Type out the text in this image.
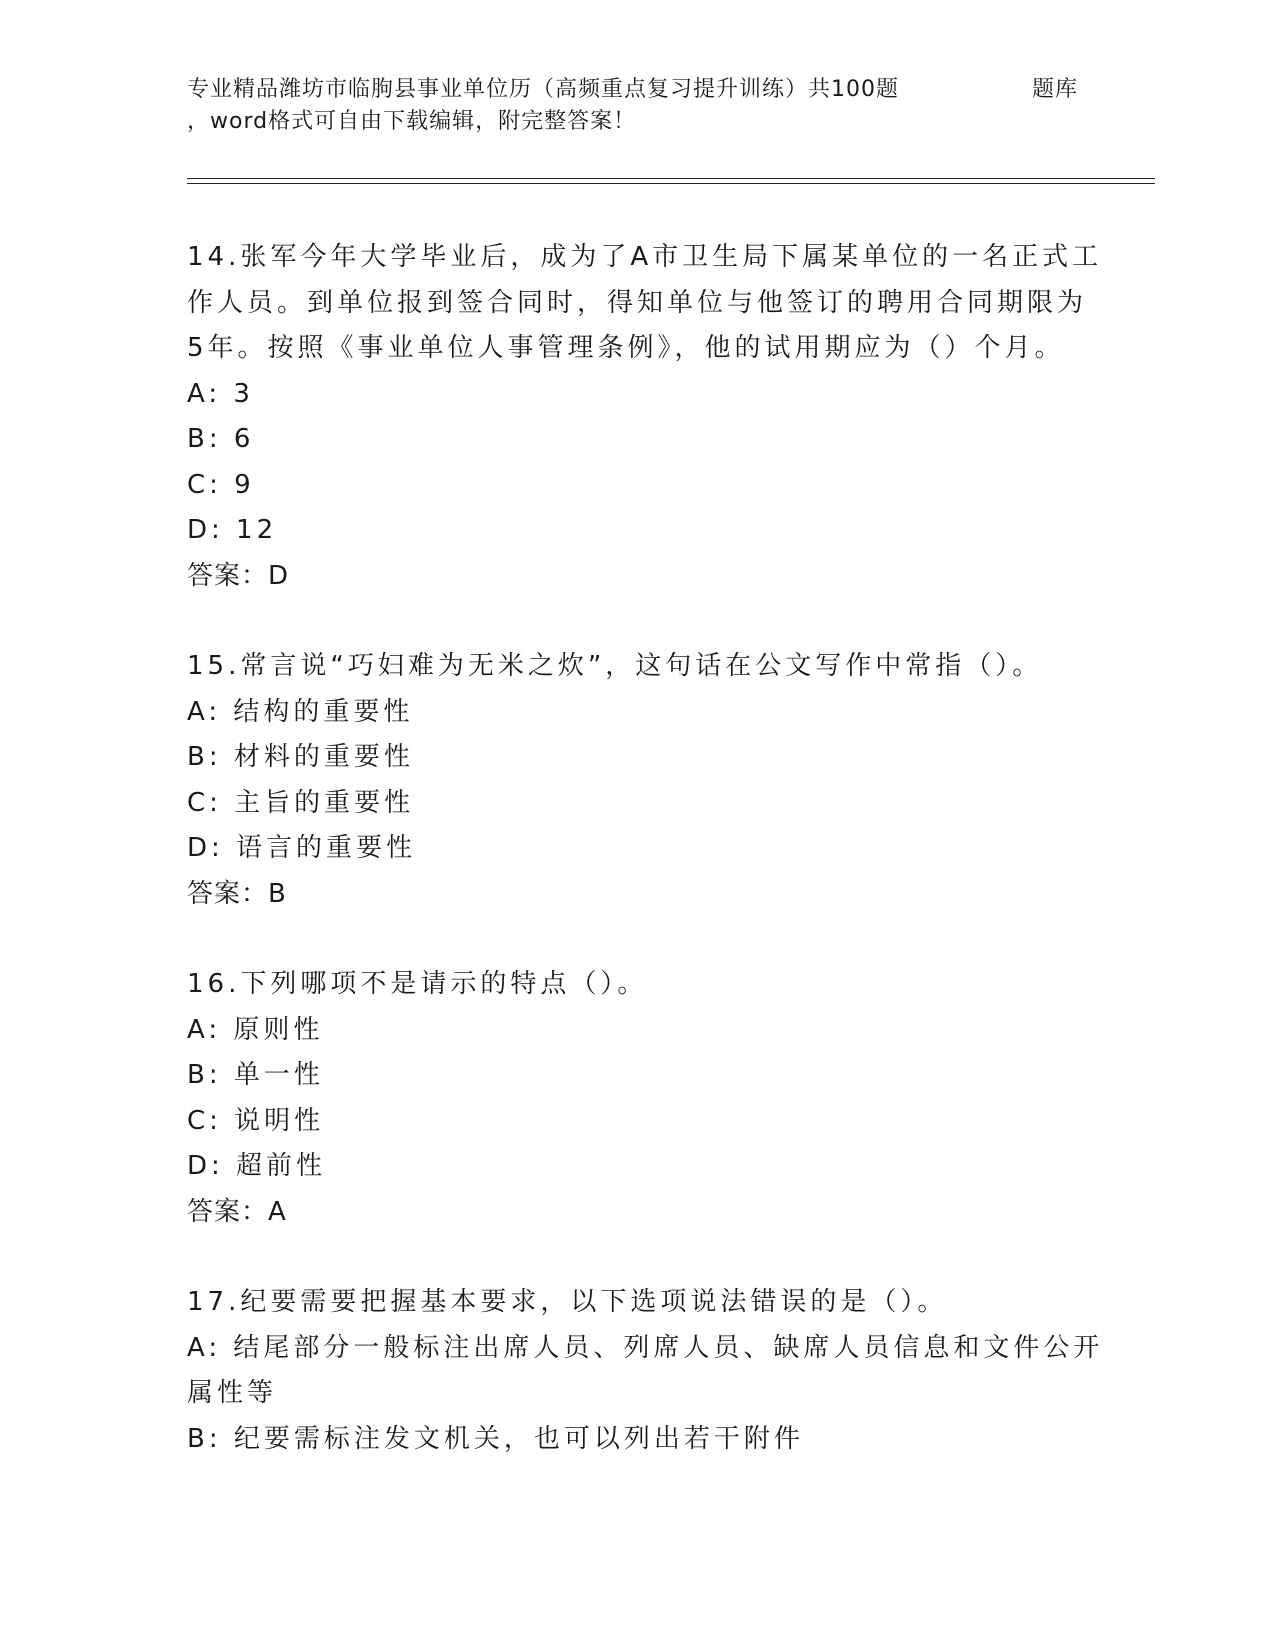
专业精品潍坊市临朐县事业单位历（高频重点复习提升训练）共100题
，word格式可自由下载编辑，附完整答案！
题库
14.张军今年大学毕业后，成为了A市卫生局下属某单位的一名正式工
作人员。到单位报到签合同时，得知单位与他签订的聘用合同期限为
5年。按照《事业单位人事管理条例》，他的试用期应为（）个月。
A: 3
B: 6
C: 9
D: 12
答案：D
15.常言说“巧妇难为无米之炊”，这句话在公文写作中常指（）。
A: 结构的重要性
B: 材料的重要性
C: 主旨的重要性
D: 语言的重要性
答案：B
16.下列哪项不是请示的特点（）。
A: 原则性
B: 单一性
C: 说明性
D: 超前性
答案：A
17.纪要需要把握基本要求，以下选项说法错误的是（）。
A: 结尾部分一般标注出席人员、列席人员、缺席人员信息和文件公开
属性等
B: 纪要需标注发文机关，也可以列出若干附件
